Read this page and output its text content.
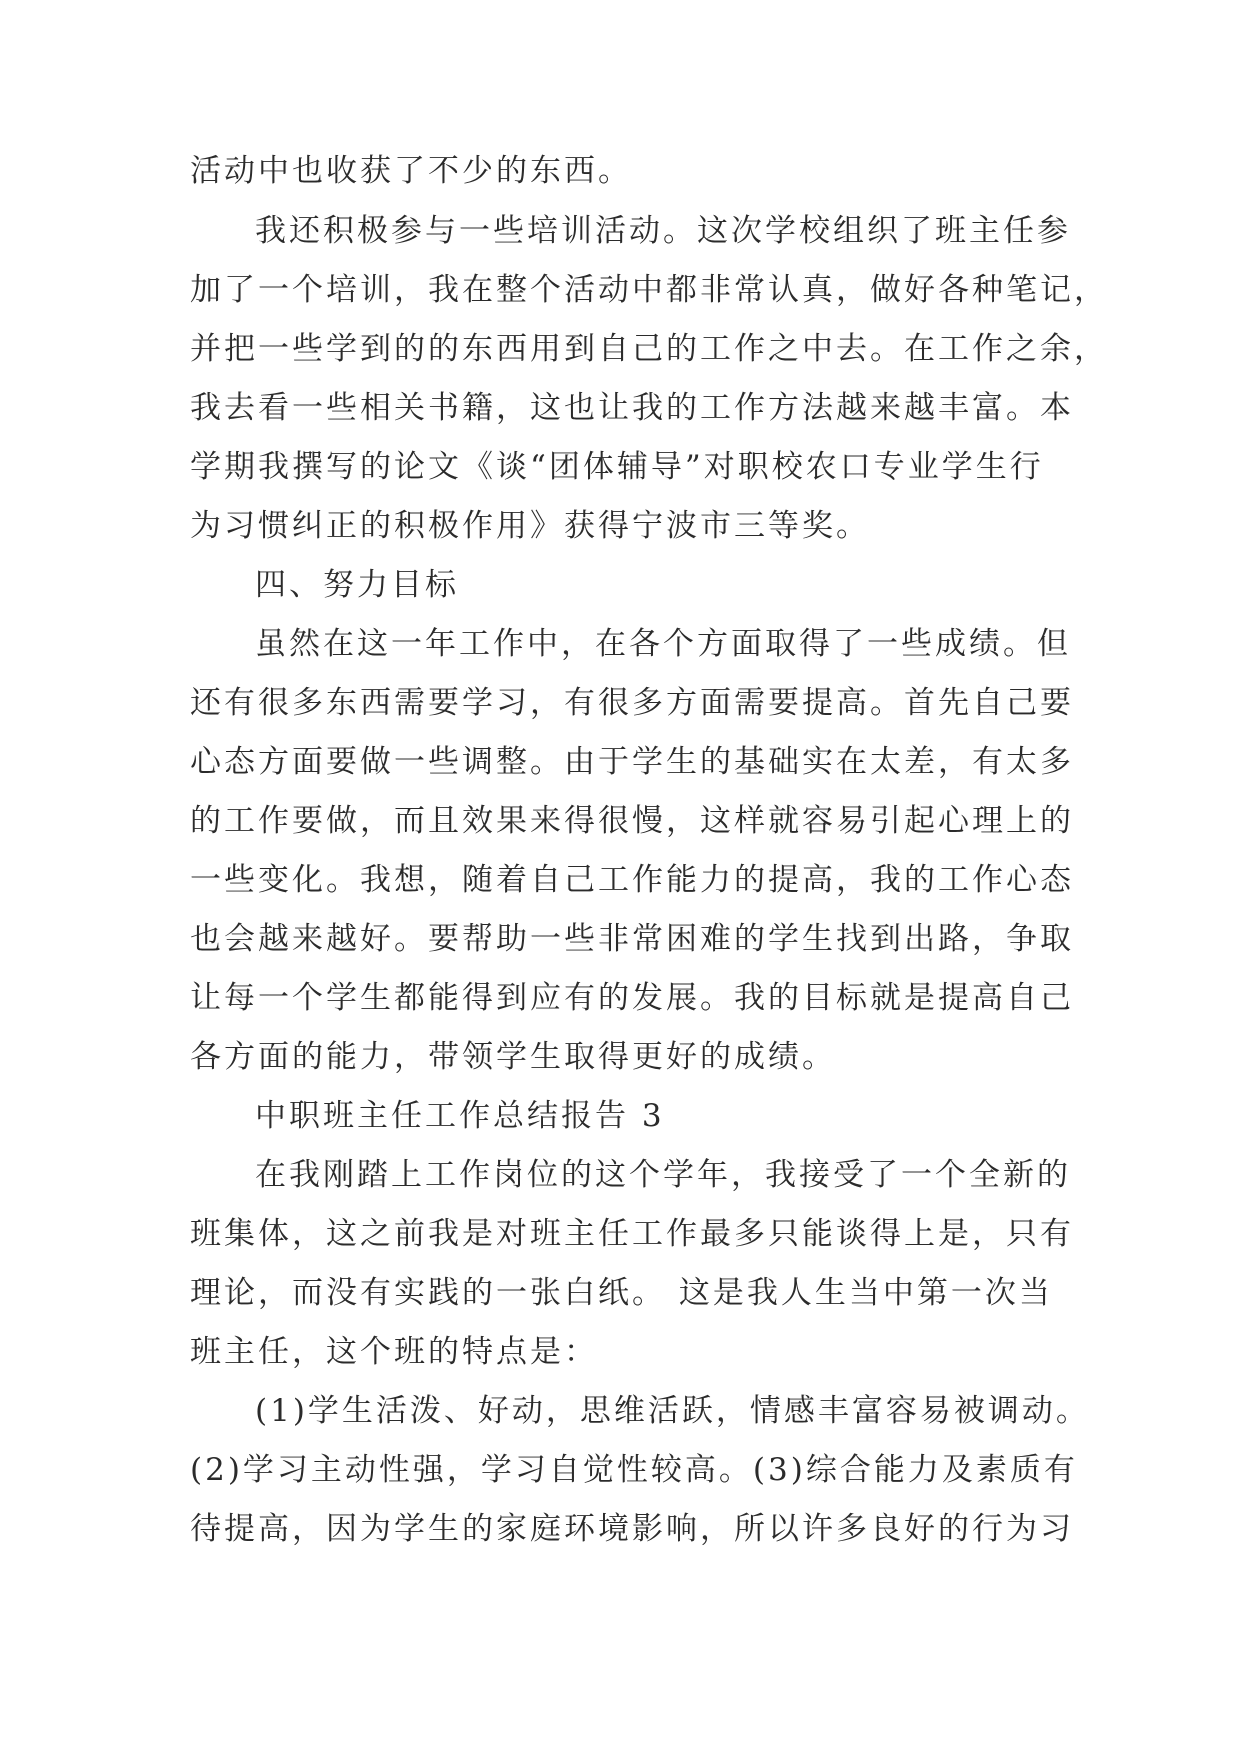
活动中也收获了不少的东西。
我还积极参与一些培训活动。这次学校组织了班主任参
加了一个培训，我在整个活动中都非常认真，做好各种笔记，
并把一些学到的的东西用到自己的工作之中去。在工作之余，
我去看一些相关书籍，这也让我的工作方法越来越丰富。本
学期我撰写的论文《谈“团体辅导”对职校农口专业学生行
为习惯纠正的积极作用》获得宁波市三等奖。
四、努力目标
虽然在这一年工作中，在各个方面取得了一些成绩。但
还有很多东西需要学习，有很多方面需要提高。首先自己要
心态方面要做一些调整。由于学生的基础实在太差，有太多
的工作要做，而且效果来得很慢，这样就容易引起心理上的
一些变化。我想，随着自己工作能力的提高，我的工作心态
也会越来越好。要帮助一些非常困难的学生找到出路，争取
让每一个学生都能得到应有的发展。我的目标就是提高自己
各方面的能力，带领学生取得更好的成绩。
中职班主任工作总结报告 3
在我刚踏上工作岗位的这个学年，我接受了一个全新的
班集体，这之前我是对班主任工作最多只能谈得上是，只有
理论，而没有实践的一张白纸。 这是我人生当中第一次当
班主任，这个班的特点是：
(1)学生活泼、好动，思维活跃，情感丰富容易被调动。
(2)学习主动性强，学习自觉性较高。(3)综合能力及素质有
待提高，因为学生的家庭环境影响，所以许多良好的行为习
